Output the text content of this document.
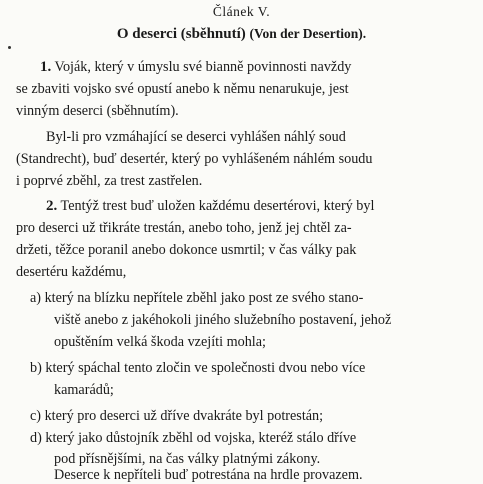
Článek V.
O deserci (sběhnutí) (Von der Desertion).
1. Voják, který v úmyslu své bianně povinnosti navždy
se zbaviti vojsko své opustí anebo k němu nenarukuje, jest
vinným deserci (sběhnutím).
Byl-li pro vzmáhající se deserci vyhlášen náhlý soud
(Standrecht), buď desertér, který po vyhlášeném náhlém soudu
i poprvé zběhl, za trest zastřelen.
2. Tentýž trest buď uložen každému desertérovi, který byl
pro deserci už třikráte trestán, anebo toho, jenž jej chtěl za-
držeti, těžce poranil anebo dokonce usmrtil; v čas války pak
desertéru každému,
a) který na blízku nepřítele zběhl jako post ze svého stano-
viště anebo z jakéhokoli jiného služebního postavení, jehož
opuštěním velká škoda vzejíti mohla;
b) který spáchal tento zločin ve společnosti dvou nebo více
kamarádů;
c) který pro deserci už dříve dvakráte byl potrestán;
d) který jako důstojník zběhl od vojska, kteréž stálo dříve
pod přísnějšími, na čas války platnými zákony.
Deserce k nepříteli buď potrestána na hrdle provazem.
